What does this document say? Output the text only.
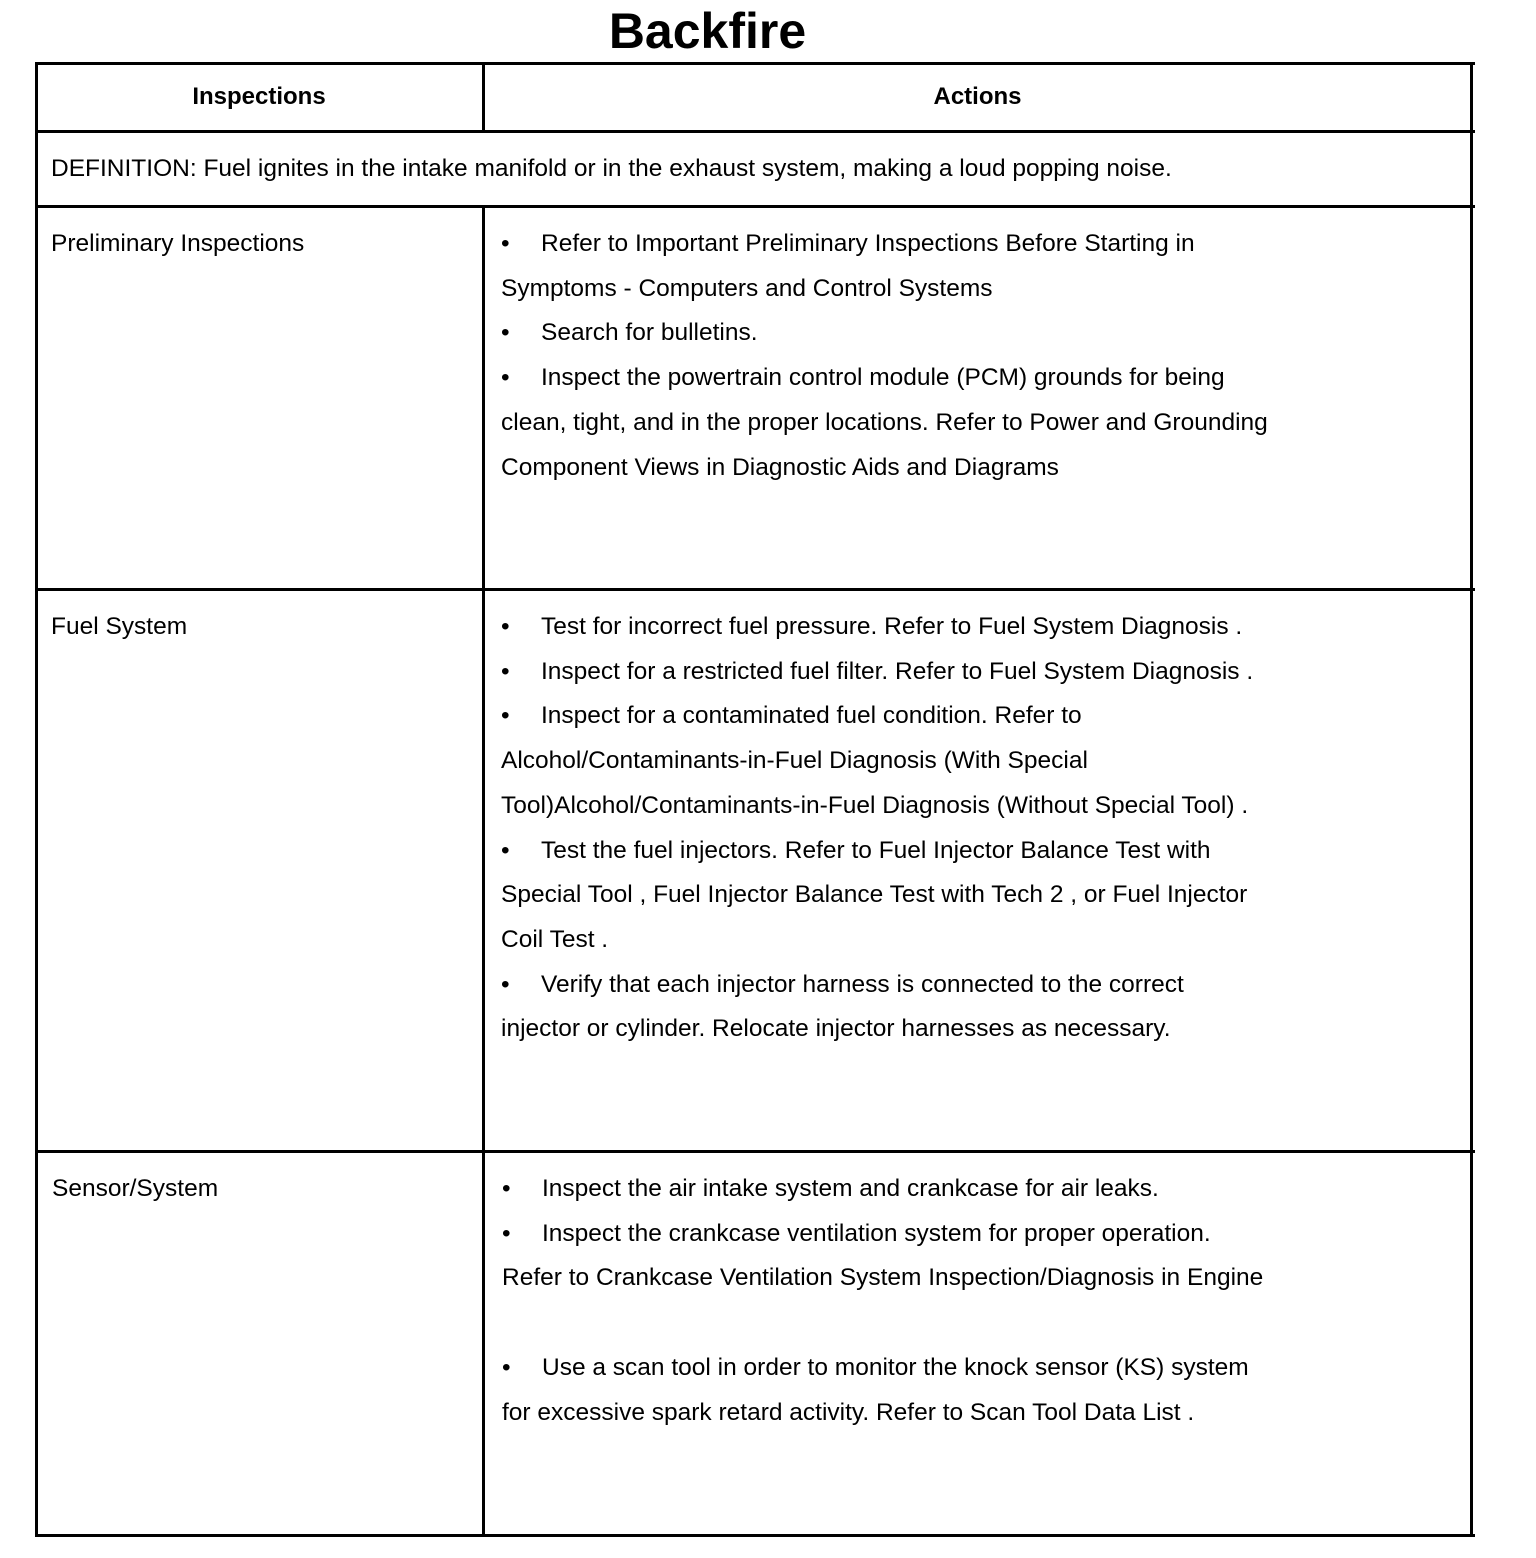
Backfire
Inspections	Actions
DEFINITION: Fuel ignites in the intake manifold or in the exhaust system, making a loud popping noise.
Preliminary Inspections	• Refer to Important Preliminary Inspections Before Starting in
Symptoms - Computers and Control Systems
• Search for bulletins.
• Inspect the powertrain control module (PCM) grounds for being
clean, tight, and in the proper locations. Refer to Power and Grounding
Component Views in Diagnostic Aids and Diagrams
Fuel System	• Test for incorrect fuel pressure. Refer to Fuel System Diagnosis .
• Inspect for a restricted fuel filter. Refer to Fuel System Diagnosis .
• Inspect for a contaminated fuel condition. Refer to
Alcohol/Contaminants-in-Fuel Diagnosis (With Special
Tool)Alcohol/Contaminants-in-Fuel Diagnosis (Without Special Tool) .
• Test the fuel injectors. Refer to Fuel Injector Balance Test with
Special Tool , Fuel Injector Balance Test with Tech 2 , or Fuel Injector
Coil Test .
• Verify that each injector harness is connected to the correct
injector or cylinder. Relocate injector harnesses as necessary.
Sensor/System	• Inspect the air intake system and crankcase for air leaks.
• Inspect the crankcase ventilation system for proper operation.
Refer to Crankcase Ventilation System Inspection/Diagnosis in Engine
• Use a scan tool in order to monitor the knock sensor (KS) system
for excessive spark retard activity. Refer to Scan Tool Data List .
